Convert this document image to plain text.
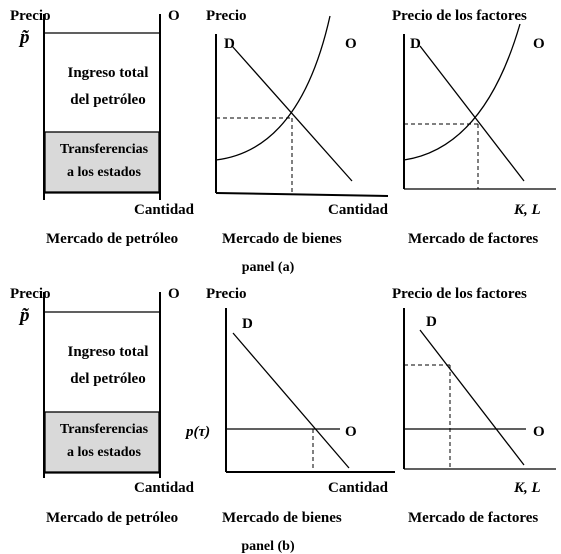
Precio	O
p̃
Ingreso total
del petróleo
Transferencias
a los estados
Cantidad
Mercado de petróleo
Precio
D	O
Cantidad
Mercado de bienes
Precio de los factores
D	O
K, L
Mercado de factores
panel (a)
Precio	O
p̃
Ingreso total
del petróleo
Transferencias
a los estados
Cantidad
Mercado de petróleo
Precio
D
O
p(τ)
Cantidad
Mercado de bienes
Precio de los factores
D
O
K, L
Mercado de factores
panel (b)
